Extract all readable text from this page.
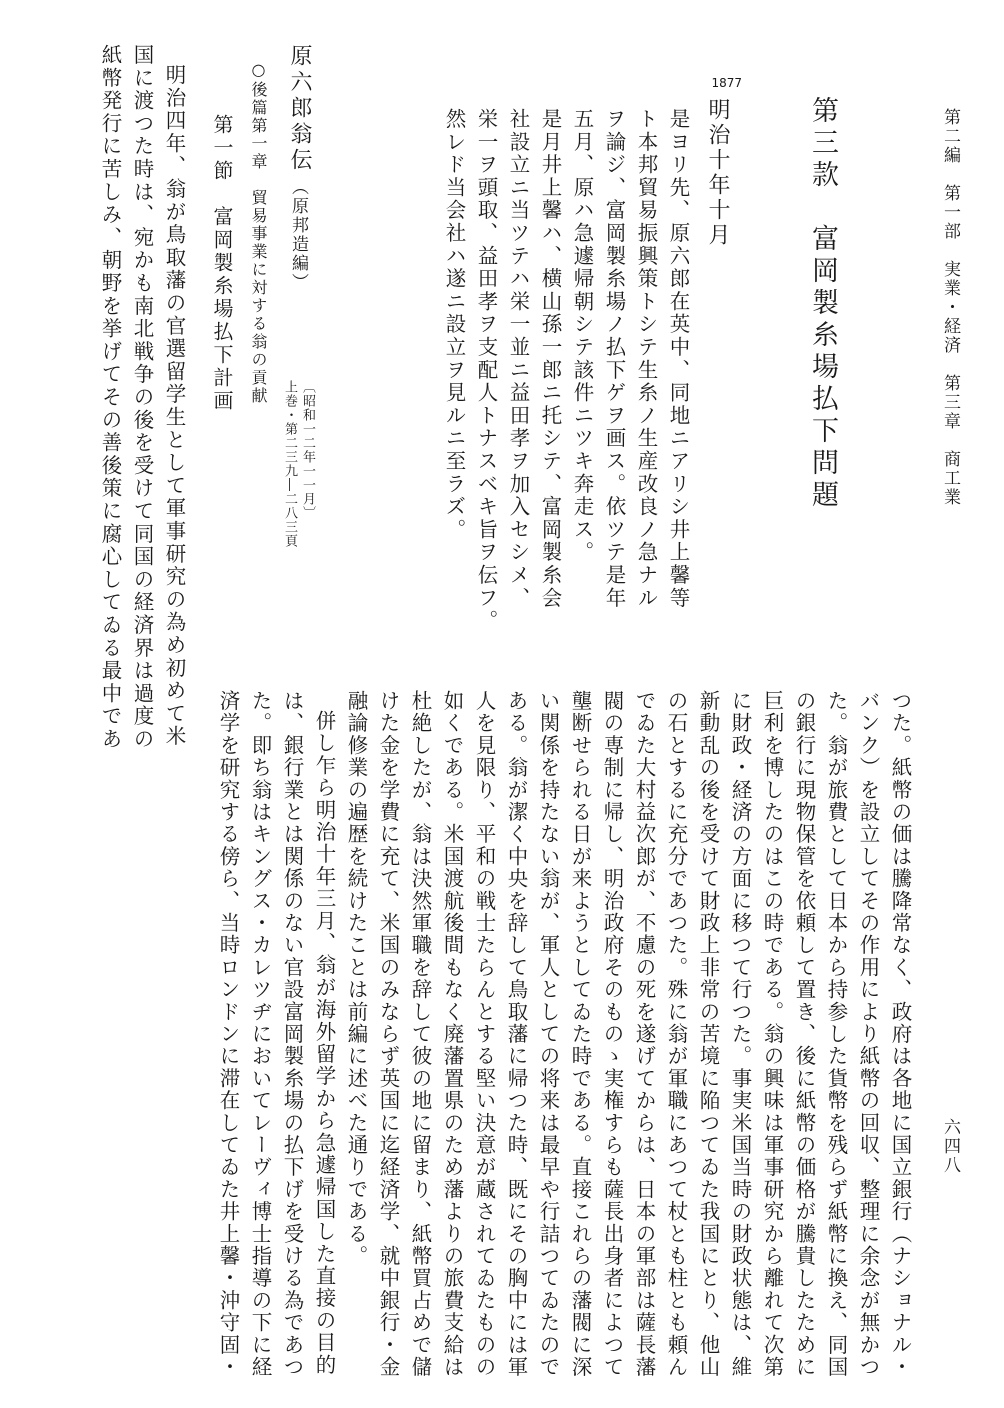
第二編　第一部　実業・経済　第三章　商工業
六四八
第三款　富岡製糸場払下問題
1877
明治十年十月
是ヨリ先、原六郎在英中、同地ニアリシ井上馨等
ト本邦貿易振興策トシテ生糸ノ生産改良ノ急ナル
ヲ論ジ、富岡製糸場ノ払下ゲヲ画ス。依ツテ是年
五月、原ハ急遽帰朝シテ該件ニツキ奔走ス。
是月井上馨ハ、横山孫一郎ニ托シテ、富岡製糸会
社設立ニ当ツテハ栄一並ニ益田孝ヲ加入セシメ、
栄一ヲ頭取、益田孝ヲ支配人トナスベキ旨ヲ伝フ。
然レド当会社ハ遂ニ設立ヲ見ルニ至ラズ。
原六郎翁伝
（原邦造編）
上巻・第二三九―二八三頁 〔昭和一二年一一月〕
○後篇第一章　貿易事業に対する翁の貢献
第一節　富岡製糸場払下計画
明治四年、翁が鳥取藩の官選留学生として軍事研究の為め初めて米
国に渡つた時は、宛かも南北戦争の後を受けて同国の経済界は過度の
紙幣発行に苦しみ、朝野を挙げてその善後策に腐心してゐる最中であ
つた。紙幣の価は騰降常なく、政府は各地に国立銀行（ナショナル・
バンク）を設立してその作用により紙幣の回収、整理に余念が無かつ
た。翁が旅費として日本から持参した貨幣を残らず紙幣に換え、同国
の銀行に現物保管を依頼して置き、後に紙幣の価格が騰貴したために
巨利を博したのはこの時である。翁の興味は軍事研究から離れて次第
に財政・経済の方面に移つて行つた。事実米国当時の財政状態は、維
新動乱の後を受けて財政上非常の苦境に陥つてゐた我国にとり、他山
の石とするに充分であつた。殊に翁が軍職にあつて杖とも柱とも頼ん
でゐた大村益次郎が、不慮の死を遂げてからは、日本の軍部は薩長藩
閥の専制に帰し、明治政府そのものゝ実権すらも薩長出身者によつて
壟断せられる日が来ようとしてゐた時である。直接これらの藩閥に深
い関係を持たない翁が、軍人としての将来は最早や行詰つてゐたので
ある。翁が潔く中央を辞して鳥取藩に帰つた時、既にその胸中には軍
人を見限り、平和の戦士たらんとする堅い決意が蔵されてゐたものの
如くである。米国渡航後間もなく廃藩置県のため藩よりの旅費支給は
杜絶したが、翁は決然軍職を辞して彼の地に留まり、紙幣買占めで儲
けた金を学費に充て、米国のみならず英国に迄経済学、就中銀行・金
融論修業の遍歴を続けたことは前編に述べた通りである。
併し乍ら明治十年三月、翁が海外留学から急遽帰国した直接の目的
は、銀行業とは関係のない官設富岡製糸場の払下げを受ける為であつ
た。即ち翁はキングス・カレツヂにおいてレーヴィ博士指導の下に経
済学を研究する傍ら、当時ロンドンに滞在してゐた井上馨・沖守固・
